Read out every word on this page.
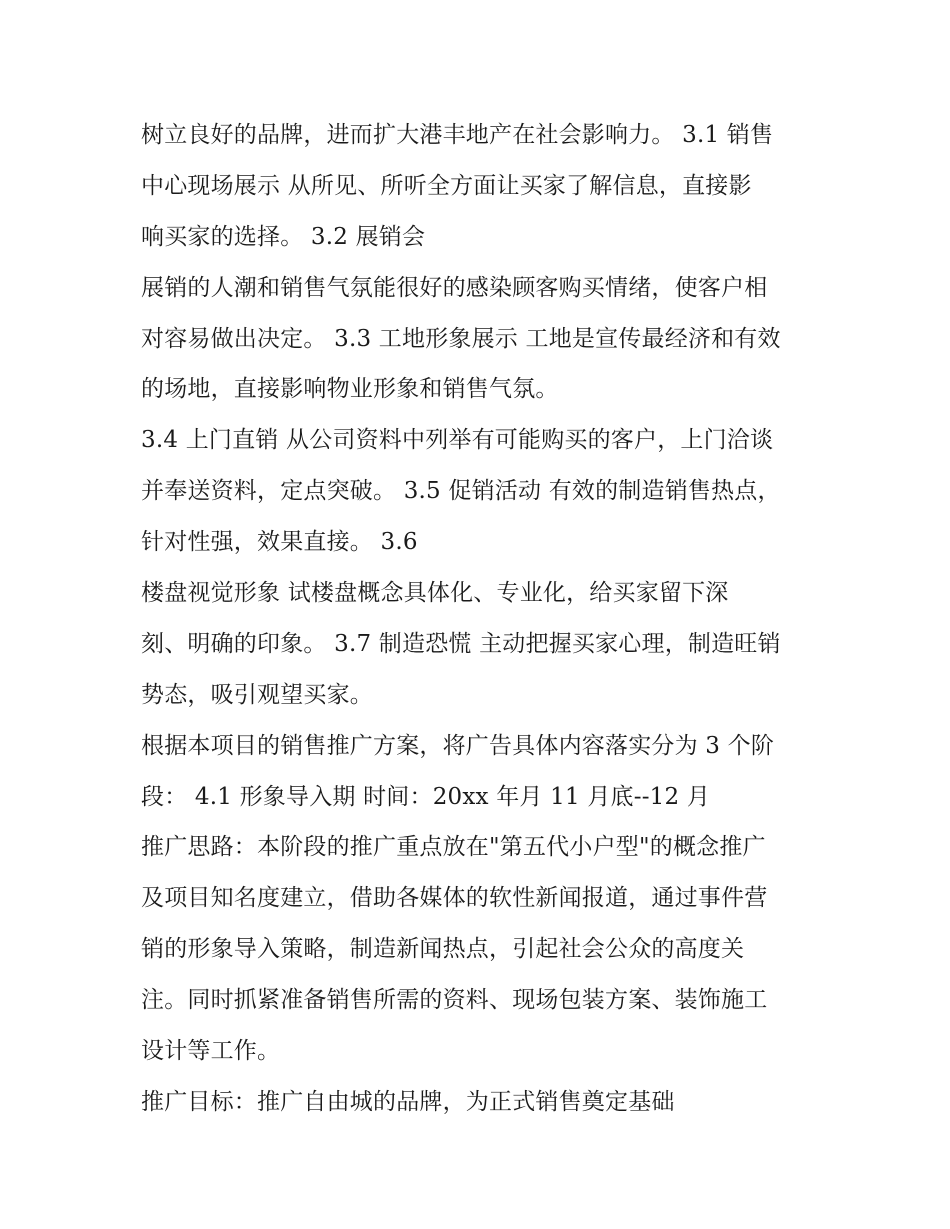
树立良好的品牌，进而扩大港丰地产在社会影响力。 3.1 销售
中心现场展示 从所见、所听全方面让买家了解信息，直接影
响买家的选择。 3.2 展销会
展销的人潮和销售气氛能很好的感染顾客购买情绪，使客户相
对容易做出决定。 3.3 工地形象展示 工地是宣传最经济和有效
的场地，直接影响物业形象和销售气氛。
3.4 上门直销 从公司资料中列举有可能购买的客户，上门洽谈
并奉送资料，定点突破。 3.5 促销活动 有效的制造销售热点，
针对性强，效果直接。 3.6
楼盘视觉形象 试楼盘概念具体化、专业化，给买家留下深
刻、明确的印象。 3.7 制造恐慌 主动把握买家心理，制造旺销
势态，吸引观望买家。
根据本项目的销售推广方案，将广告具体内容落实分为 3 个阶
段： 4.1 形象导入期 时间：20xx 年月 11 月底--12 月
推广思路：本阶段的推广重点放在"第五代小户型"的概念推广
及项目知名度建立，借助各媒体的软性新闻报道，通过事件营
销的形象导入策略，制造新闻热点，引起社会公众的高度关
注。同时抓紧准备销售所需的资料、现场包装方案、装饰施工
设计等工作。
推广目标：推广自由城的品牌，为正式销售奠定基础
